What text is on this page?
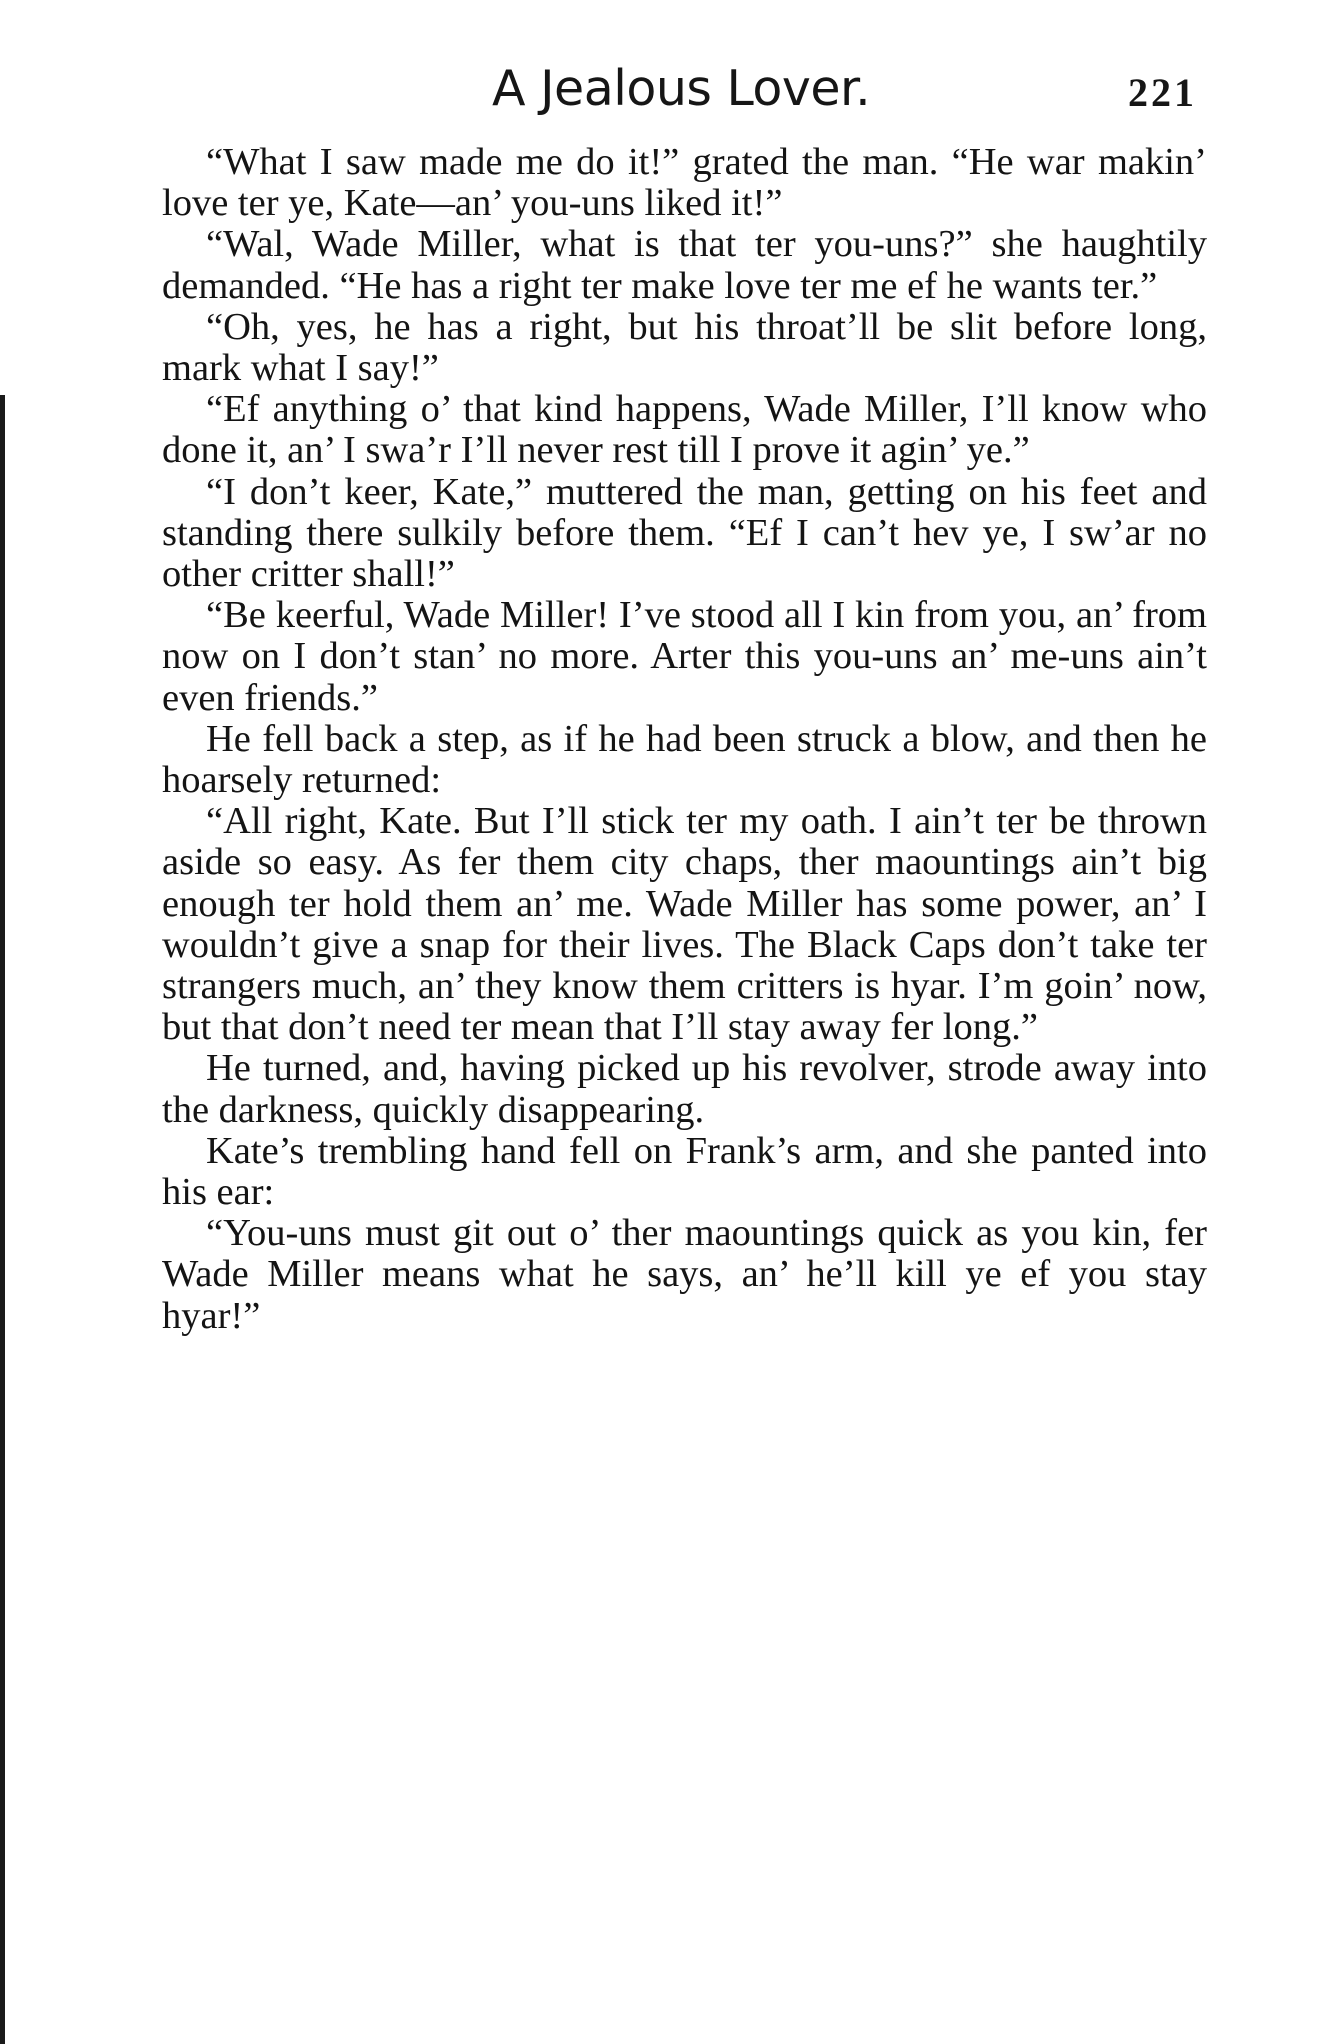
A Jealous Lover.	221

“What I saw made me do it!” grated the man. “He war makin’ love ter ye, Kate—an’ you-uns liked it!”

“Wal, Wade Miller, what is that ter you-uns?” she haughtily demanded. “He has a right ter make love ter me ef he wants ter.”

“Oh, yes, he has a right, but his throat’ll be slit before long, mark what I say!”

“Ef anything o’ that kind happens, Wade Miller, I’ll know who done it, an’ I swa’r I’ll never rest till I prove it agin’ ye.”

“I don’t keer, Kate,” muttered the man, getting on his feet and standing there sulkily before them. “Ef I can’t hev ye, I sw’ar no other critter shall!”

“Be keerful, Wade Miller! I’ve stood all I kin from you, an’ from now on I don’t stan’ no more. Arter this you-uns an’ me-uns ain’t even friends.”

He fell back a step, as if he had been struck a blow, and then he hoarsely returned:

“All right, Kate. But I’ll stick ter my oath. I ain’t ter be thrown aside so easy. As fer them city chaps, ther maountings ain’t big enough ter hold them an’ me. Wade Miller has some power, an’ I wouldn’t give a snap for their lives. The Black Caps don’t take ter strangers much, an’ they know them critters is hyar. I’m goin’ now, but that don’t need ter mean that I’ll stay away fer long.”

He turned, and, having picked up his revolver, strode away into the darkness, quickly disappearing.

Kate’s trembling hand fell on Frank’s arm, and she panted into his ear:

“You-uns must git out o’ ther maountings quick as you kin, fer Wade Miller means what he says, an’ he’ll kill ye ef you stay hyar!”
